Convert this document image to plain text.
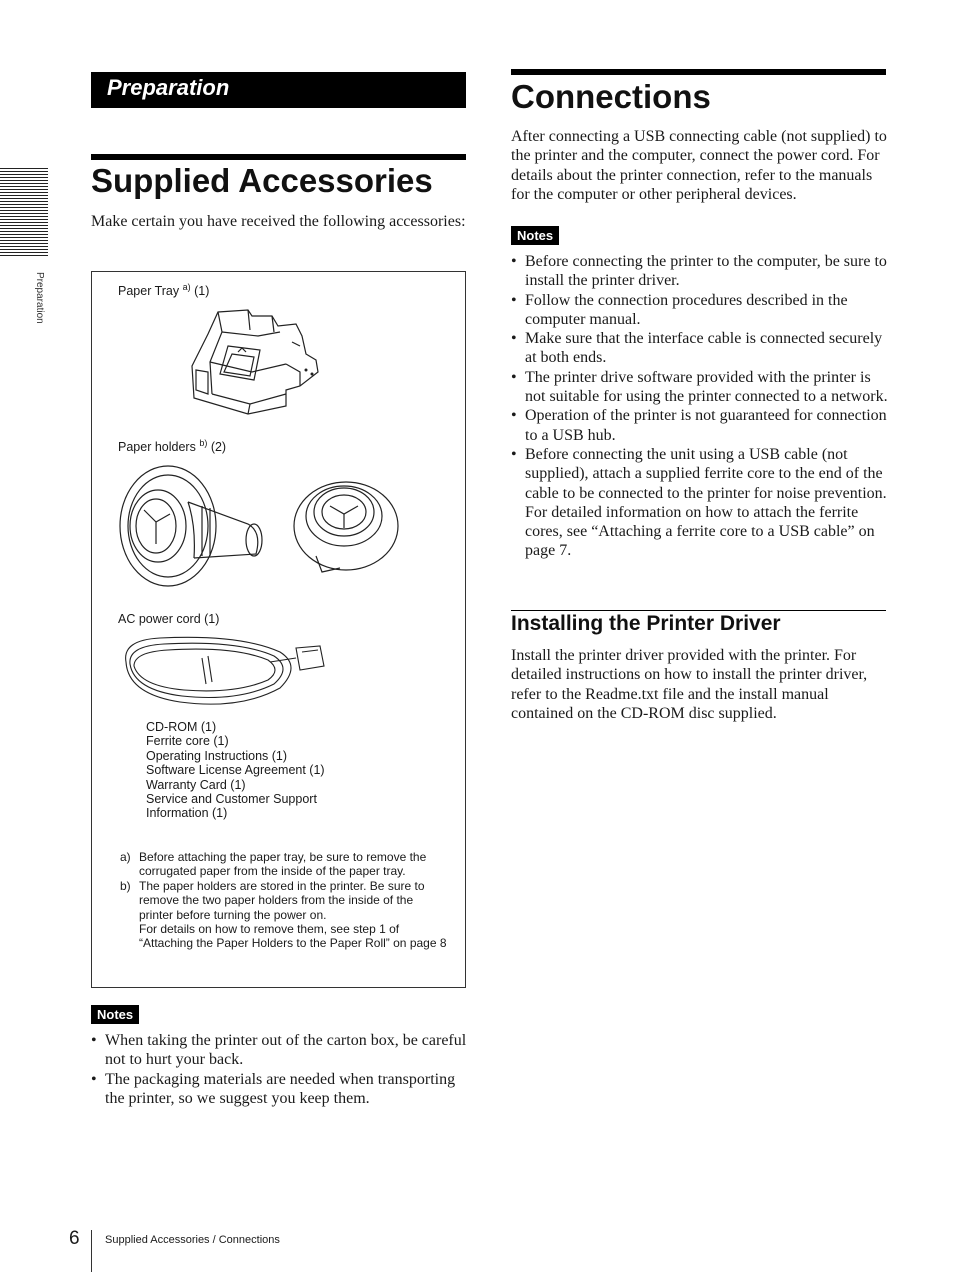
Preparation
Preparation
Supplied Accessories
Make certain you have received the following accessories:
Paper Tray $^{a)}$ (1)
Paper holders $^{b)}$ (2)
AC power cord (1)
CD-ROM (1)
Ferrite core (1)
Operating Instructions (1)
Software License Agreement (1)
Warranty Card (1)
Service and Customer Support
Information (1)
a) Before attaching the paper tray, be sure to remove the corrugated paper from the inside of the paper tray.
b) The paper holders are stored in the printer. Be sure to remove the two paper holders from the inside of the printer before turning the power on.
For details on how to remove them, see step 1 of “Attaching the Paper Holders to the Paper Roll” on page 8
Notes
• When taking the printer out of the carton box, be careful not to hurt your back.
• The packaging materials are needed when transporting the printer, so we suggest you keep them.
Connections
After connecting a USB connecting cable (not supplied) to the printer and the computer, connect the power cord. For details about the printer connection, refer to the manuals for the computer or other peripheral devices.
Notes
• Before connecting the printer to the computer, be sure to install the printer driver.
• Follow the connection procedures described in the computer manual.
• Make sure that the interface cable is connected securely at both ends.
• The printer drive software provided with the printer is not suitable for using the printer connected to a network.
• Operation of the printer is not guaranteed for connection to a USB hub.
• Before connecting the unit using a USB cable (not supplied), attach a supplied ferrite core to the end of the cable to be connected to the printer for noise prevention. For detailed information on how to attach the ferrite cores, see “Attaching a ferrite core to a USB cable” on page 7.
Installing the Printer Driver
Install the printer driver provided with the printer. For detailed instructions on how to install the printer driver, refer to the Readme.txt file and the install manual contained on the CD-ROM disc supplied.
6 Supplied Accessories / Connections
